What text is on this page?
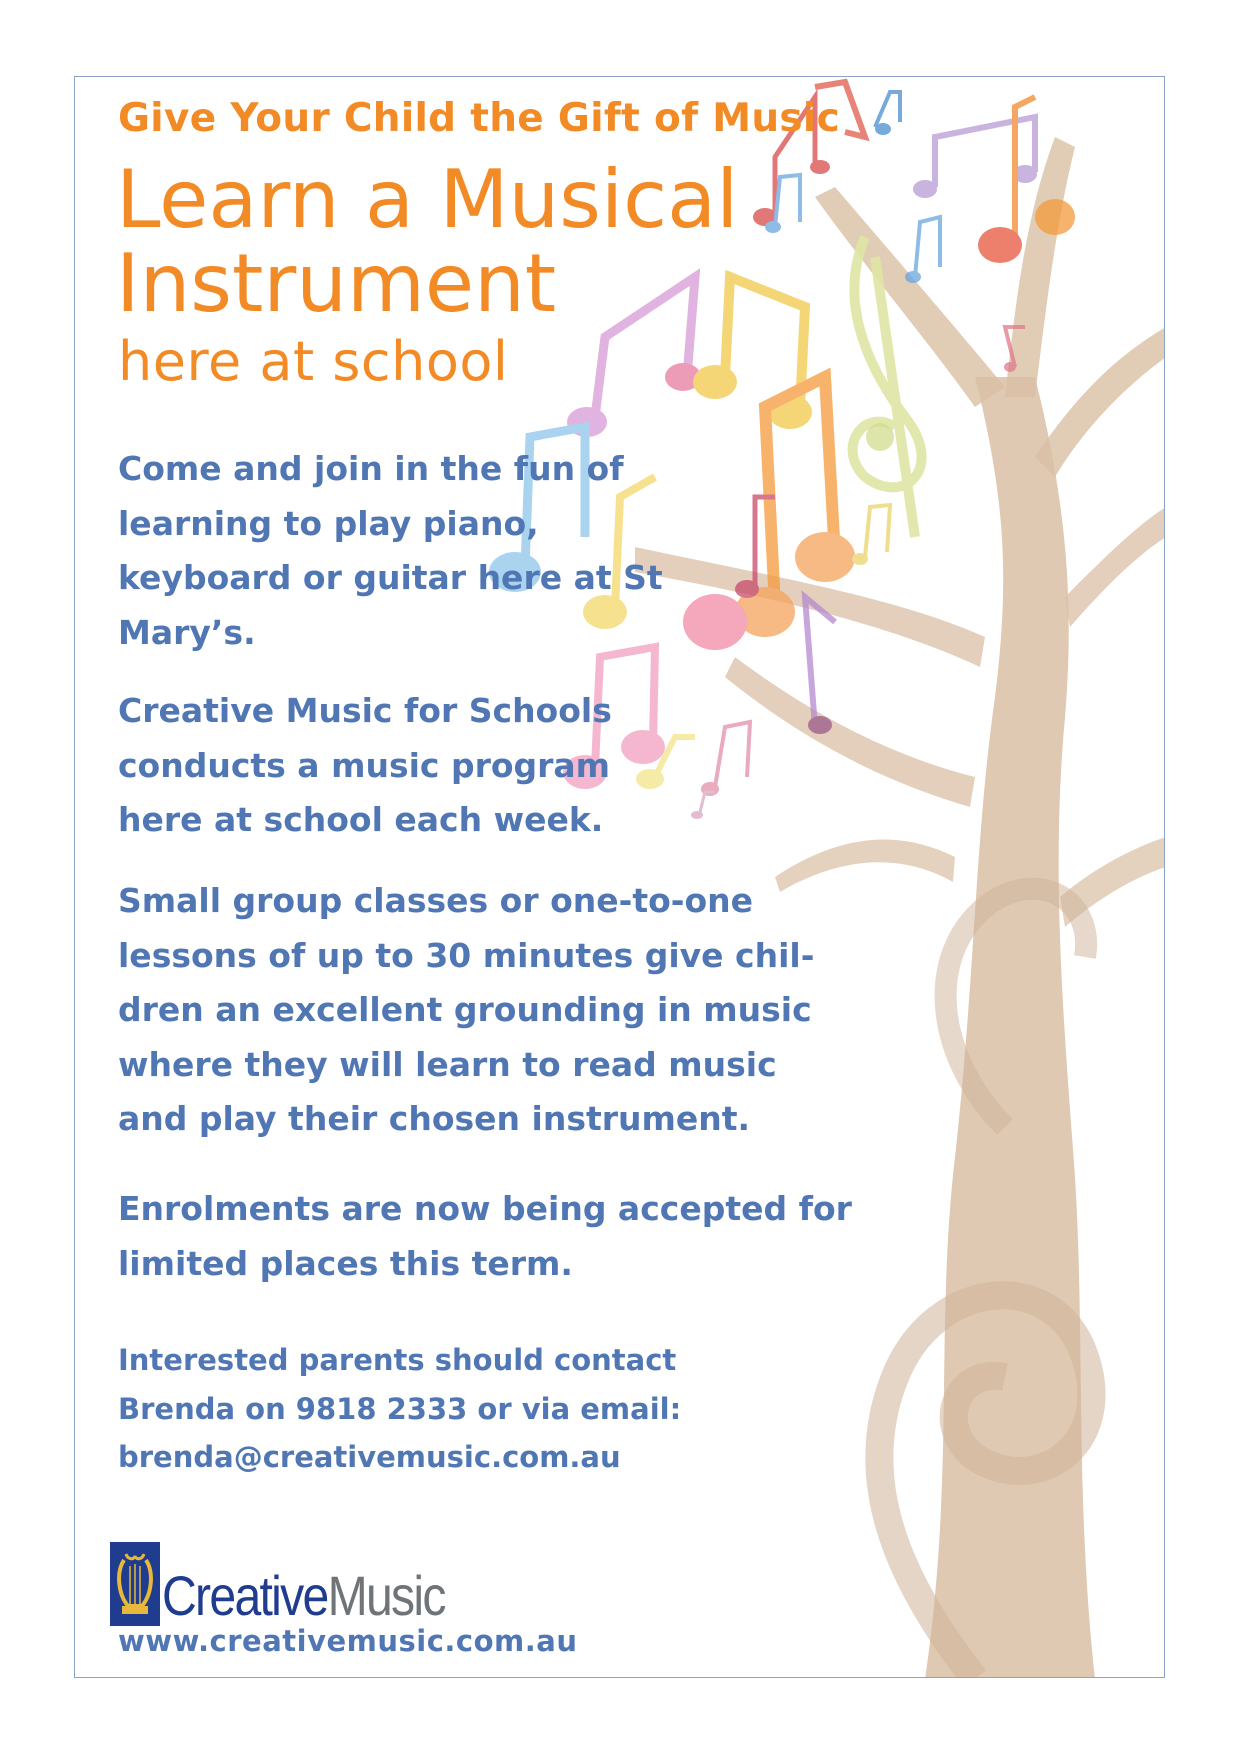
Give Your Child the Gift of Music
Learn a Musical Instrument
here at school

Come and join in the fun of learning to play piano, keyboard or guitar here at St Mary’s.

Creative Music for Schools conducts a music program here at school each week.

Small group classes or one-to-one lessons of up to 30 minutes give chil-dren an excellent grounding in music where they will learn to read music and play their chosen instrument.

Enrolments are now being accepted for limited places this term.

Interested parents should contact
Brenda on 9818 2333 or via email:
brenda@creativemusic.com.au
CreativeMusic
www.creativemusic.com.au
